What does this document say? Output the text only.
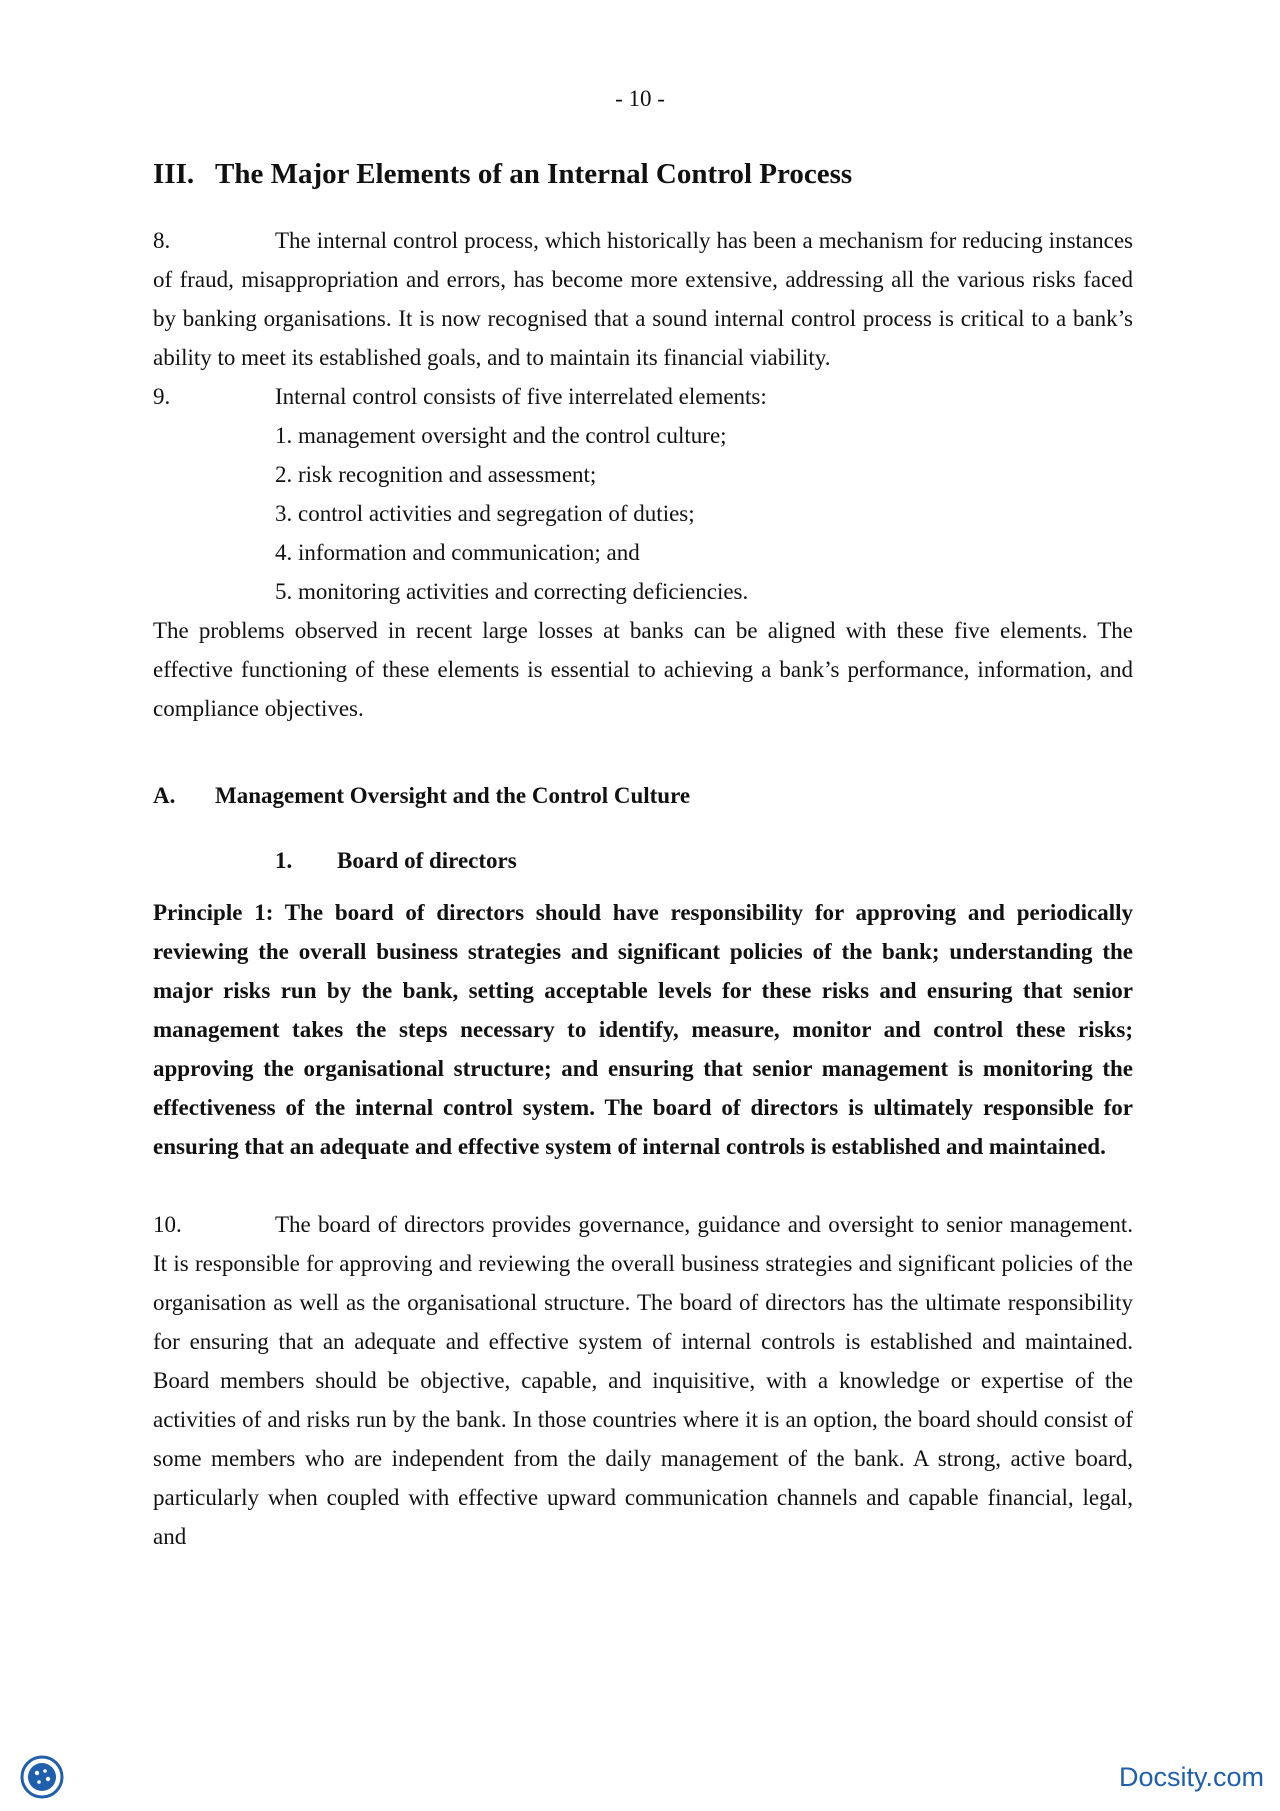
- 10 -
III. The Major Elements of an Internal Control Process

8.	The internal control process, which historically has been a mechanism for reducing instances of fraud, misappropriation and errors, has become more extensive, addressing all the various risks faced by banking organisations. It is now recognised that a sound internal control process is critical to a bank’s ability to meet its established goals, and to maintain its financial viability.

9.	Internal control consists of five interrelated elements:

1. management oversight and the control culture;
2. risk recognition and assessment;
3. control activities and segregation of duties;
4. information and communication; and
5. monitoring activities and correcting deficiencies.

The problems observed in recent large losses at banks can be aligned with these five elements. The effective functioning of these elements is essential to achieving a bank’s performance, information, and compliance objectives.

A. Management Oversight and the Control Culture
1. Board of directors

Principle 1: The board of directors should have responsibility for approving and periodically reviewing the overall business strategies and significant policies of the bank; understanding the major risks run by the bank, setting acceptable levels for these risks and ensuring that senior management takes the steps necessary to identify, measure, monitor and control these risks; approving the organisational structure; and ensuring that senior management is monitoring the effectiveness of the internal control system. The board of directors is ultimately responsible for ensuring that an adequate and effective system of internal controls is established and maintained.

10.	The board of directors provides governance, guidance and oversight to senior management. It is responsible for approving and reviewing the overall business strategies and significant policies of the organisation as well as the organisational structure. The board of directors has the ultimate responsibility for ensuring that an adequate and effective system of internal controls is established and maintained. Board members should be objective, capable, and inquisitive, with a knowledge or expertise of the activities of and risks run by the bank. In those countries where it is an option, the board should consist of some members who are independent from the daily management of the bank. A strong, active board, particularly when coupled with effective upward communication channels and capable financial, legal, and

Docsity.com
